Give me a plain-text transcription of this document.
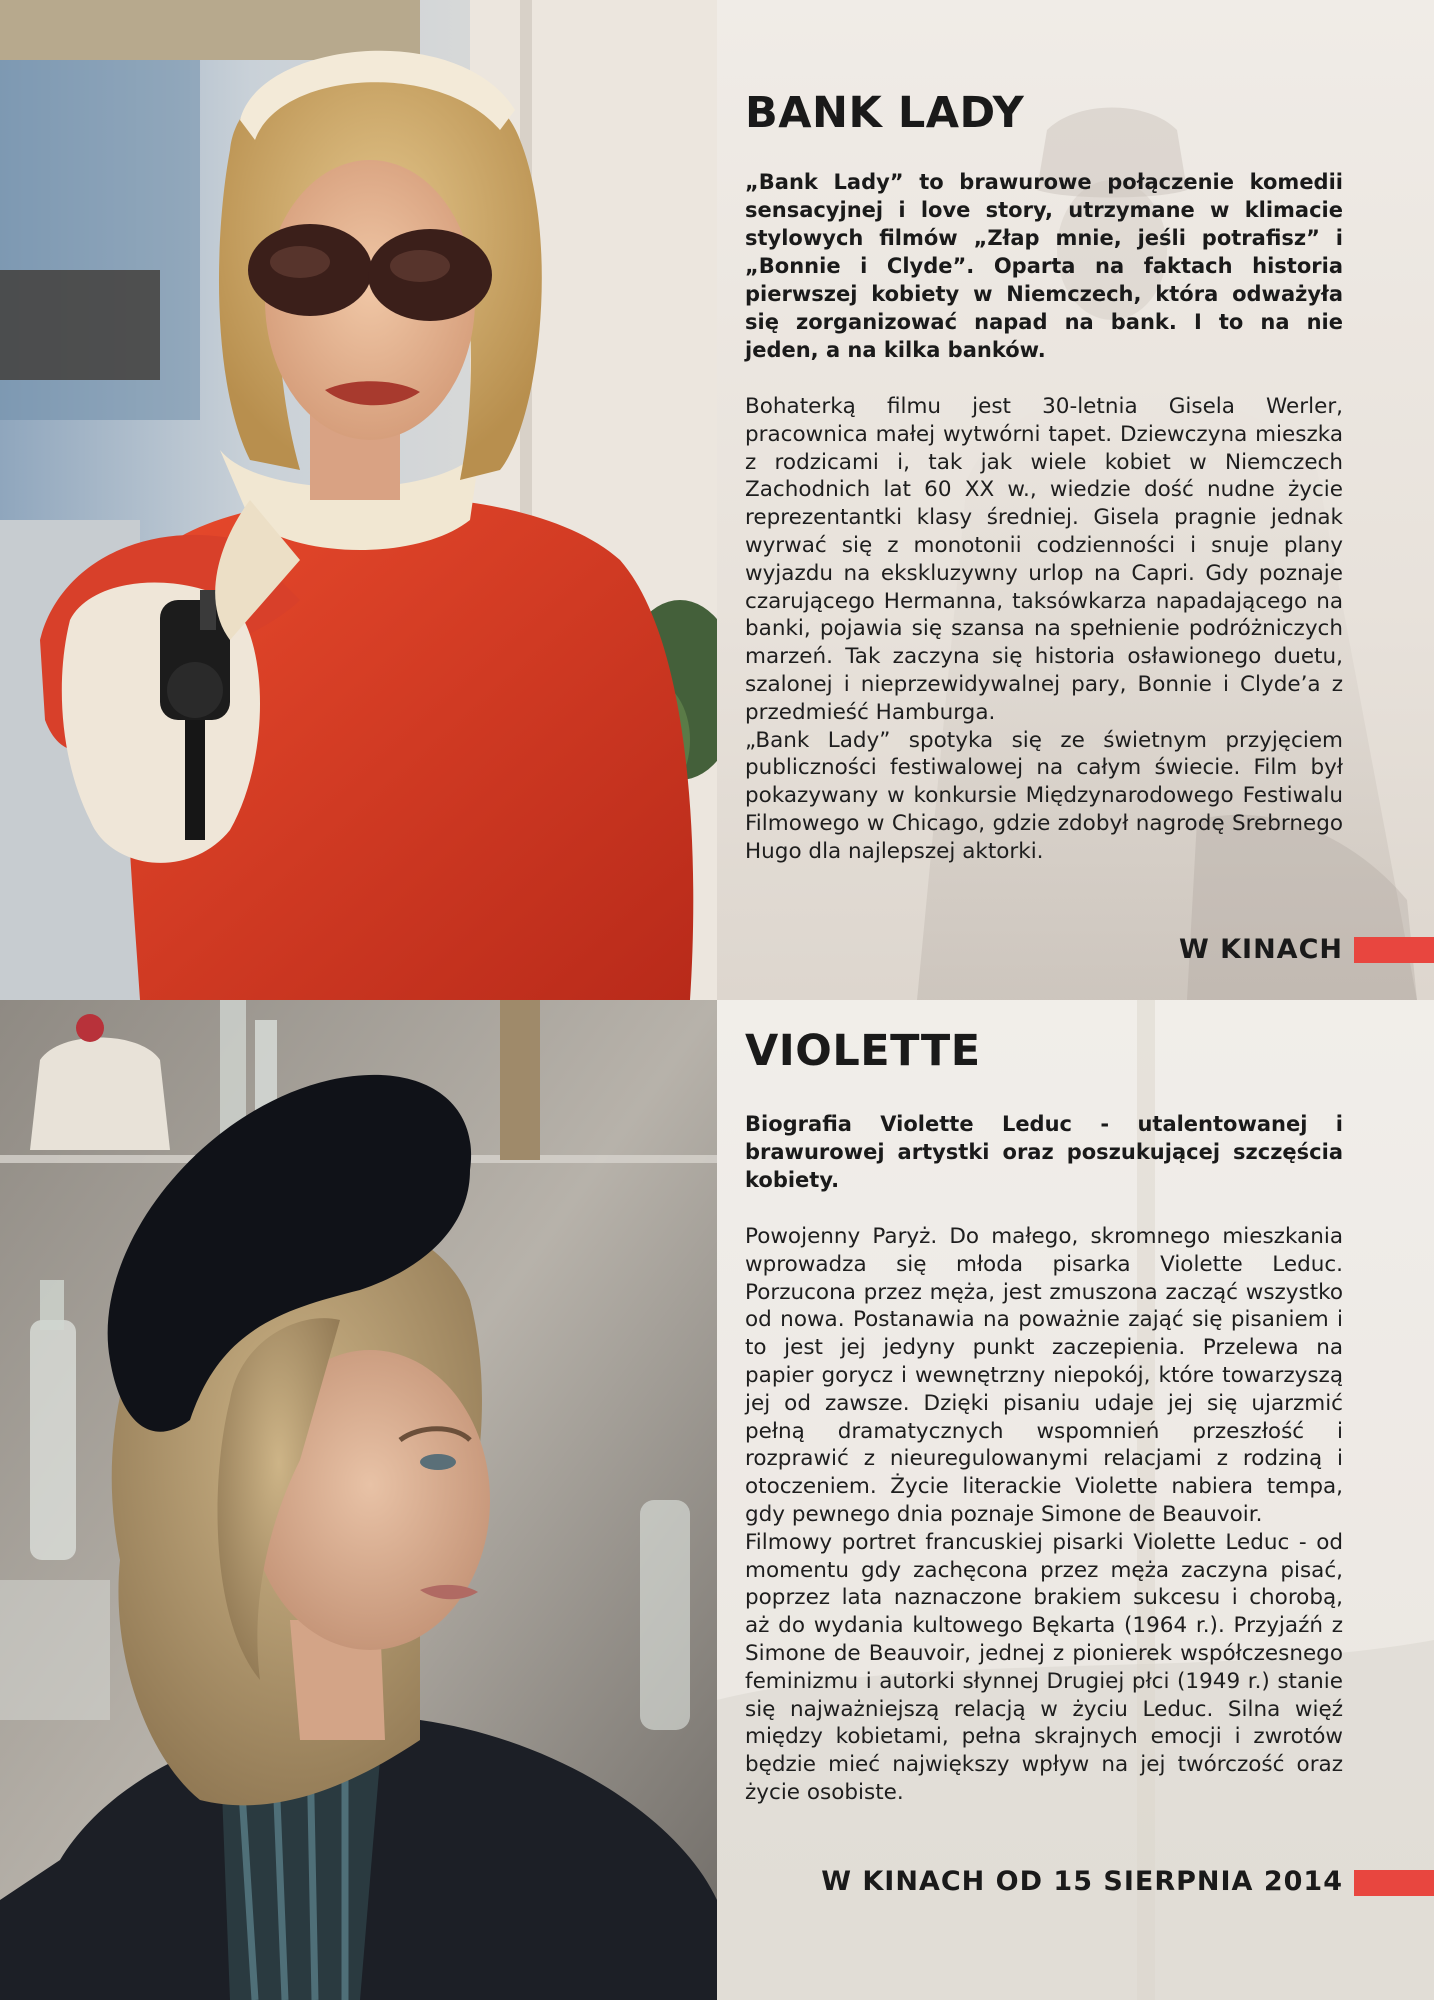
BANK LADY

„Bank Lady” to brawurowe połączenie komedii sensacyjnej i love story, utrzymane w klimacie stylowych filmów „Złap mnie, jeśli potrafisz” i „Bonnie i Clyde”. Oparta na faktach historia pierwszej kobiety w Niemczech, która odważyła się zorganizować napad na bank. I to na nie jeden, a na kilka banków.

Bohaterką filmu jest 30-letnia Gisela Werler, pracownica małej wytwórni tapet. Dziewczyna mieszka z rodzicami i, tak jak wiele kobiet w Niemczech Zachodnich lat 60 XX w., wiedzie dość nudne życie reprezentantki klasy średniej. Gisela pragnie jednak wyrwać się z monotonii codzienności i snuje plany wyjazdu na ekskluzywny urlop na Capri. Gdy poznaje czarującego Hermanna, taksówkarza napadającego na banki, pojawia się szansa na spełnienie podróżniczych marzeń. Tak zaczyna się historia osławionego duetu, szalonej i nieprzewidywalnej pary, Bonnie i Clyde’a z przedmieść Hamburga.

„Bank Lady” spotyka się ze świetnym przyjęciem publiczności festiwalowej na całym świecie. Film był pokazywany w konkursie Międzynarodowego Festiwalu Filmowego w Chicago, gdzie zdobył nagrodę Srebrnego Hugo dla najlepszej aktorki.

W KINACH
VIOLETTE

Biografia Violette Leduc - utalentowanej i brawurowej artystki oraz poszukującej szczęścia kobiety.

Powojenny Paryż. Do małego, skromnego mieszkania wprowadza się młoda pisarka Violette Leduc. Porzucona przez męża, jest zmuszona zacząć wszystko od nowa. Postanawia na poważnie zająć się pisaniem i to jest jej jedyny punkt zaczepienia. Przelewa na papier gorycz i wewnętrzny niepokój, które towarzyszą jej od zawsze. Dzięki pisaniu udaje jej się ujarzmić pełną dramatycznych wspomnień przeszłość i rozprawić z nieuregulowanymi relacjami z rodziną i otoczeniem. Życie literackie Violette nabiera tempa, gdy pewnego dnia poznaje Simone de Beauvoir.

Filmowy portret francuskiej pisarki Violette Leduc - od momentu gdy zachęcona przez męża zaczyna pisać, poprzez lata naznaczone brakiem sukcesu i chorobą, aż do wydania kultowego Bękarta (1964 r.). Przyjaźń z Simone de Beauvoir, jednej z pionierek współczesnego feminizmu i autorki słynnej Drugiej płci (1949 r.) stanie się najważniejszą relacją w życiu Leduc. Silna więź między kobietami, pełna skrajnych emocji i zwrotów będzie mieć największy wpływ na jej twórczość oraz życie osobiste.

W KINACH OD 15 SIERPNIA 2014
